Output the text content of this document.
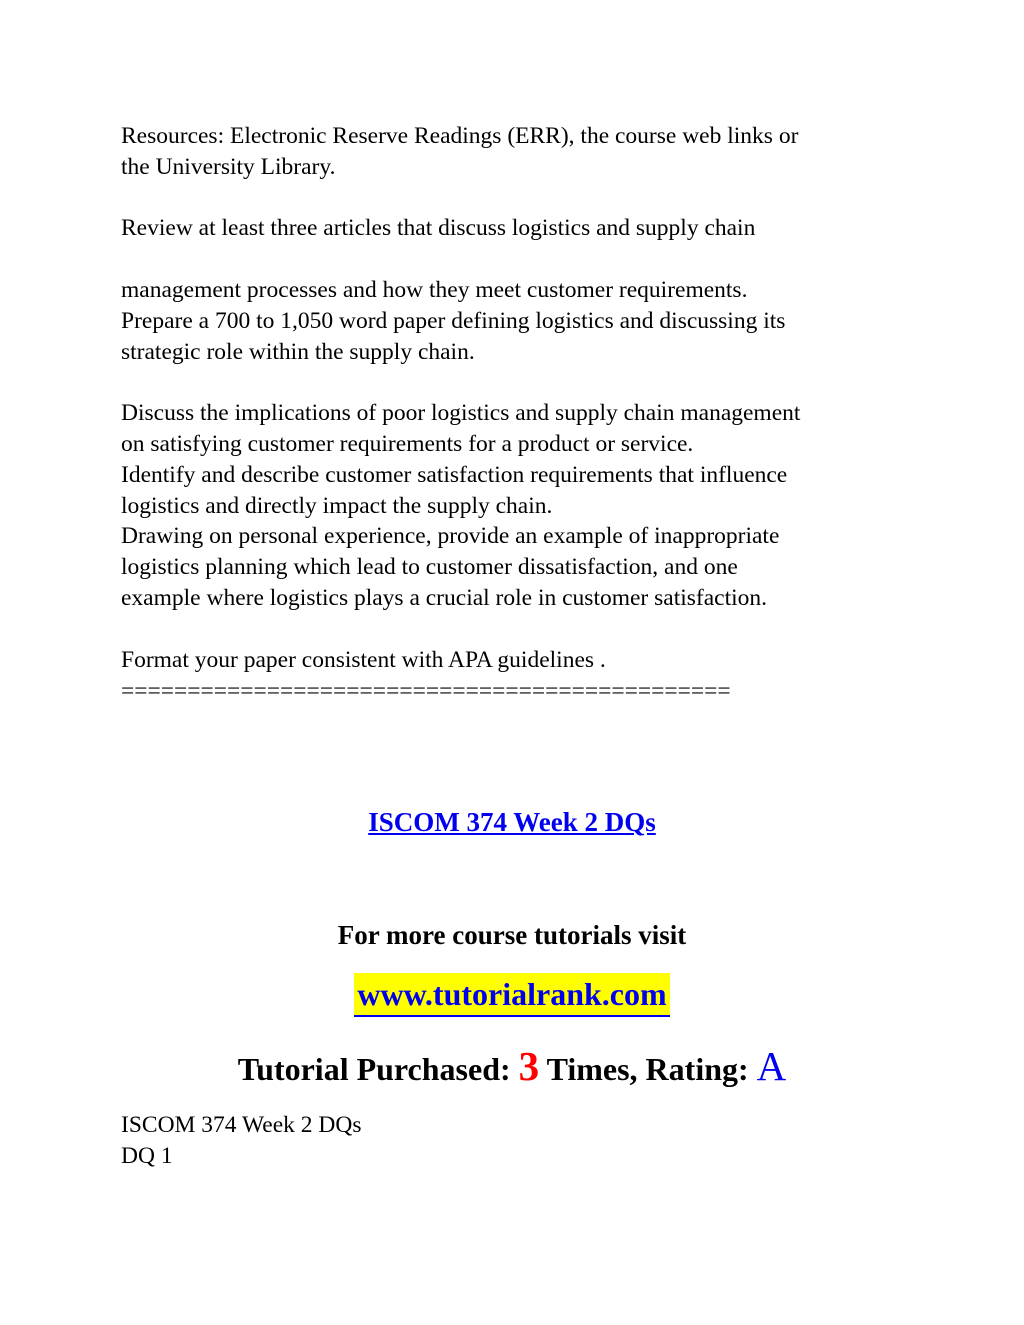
Resources: Electronic Reserve Readings (ERR), the course web links or

the University Library.

Review at least three articles that discuss logistics and supply chain

management processes and how they meet customer requirements.

Prepare a 700 to 1,050 word paper defining logistics and discussing its

strategic role within the supply chain.

Discuss the implications of poor logistics and supply chain management

on satisfying customer requirements for a product or service.

Identify and describe customer satisfaction requirements that influence

logistics and directly impact the supply chain.

Drawing on personal experience, provide an example of inappropriate

logistics planning which lead to customer dissatisfaction, and one

example where logistics plays a crucial role in customer satisfaction.

Format your paper consistent with APA guidelines .

==============================================

ISCOM 374 Week 2 DQs

For more course tutorials visit

www.tutorialrank.com

Tutorial Purchased: 3 Times, Rating: A

ISCOM 374 Week 2 DQs

DQ 1
